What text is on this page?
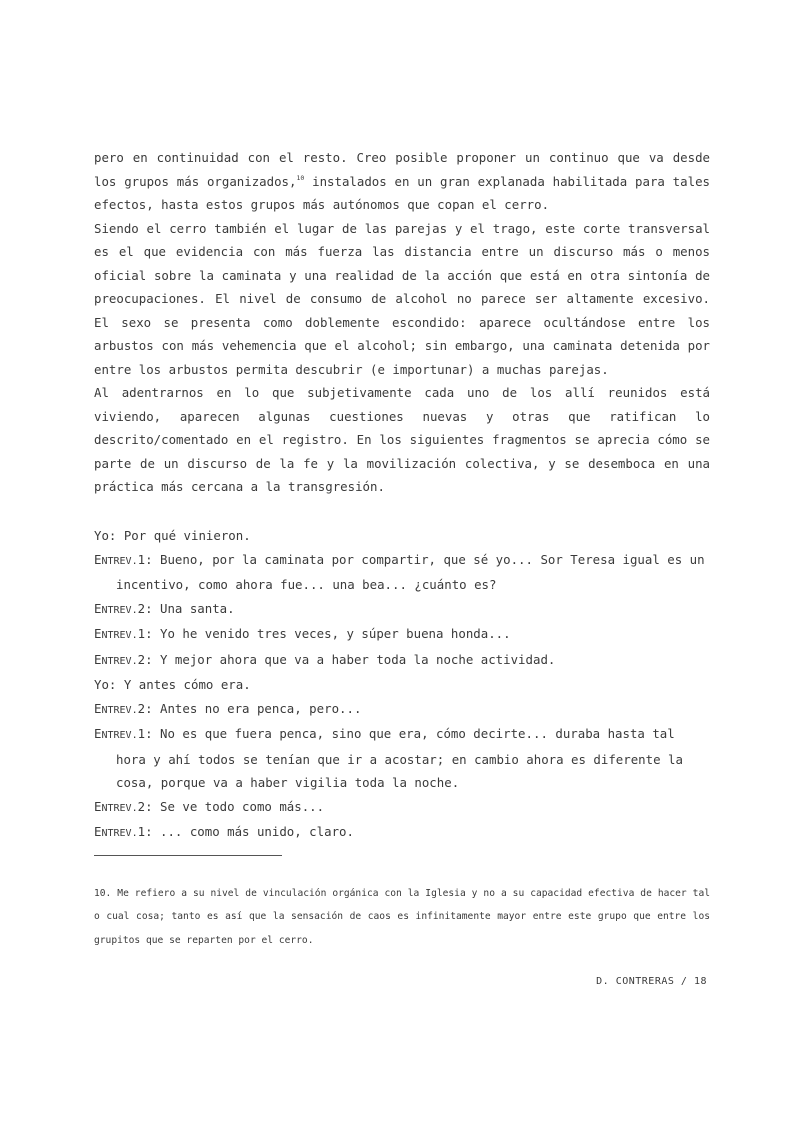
pero en continuidad con el resto. Creo posible proponer un continuo que va desde los grupos más organizados,$^{10}$ instalados en un gran explanada habilitada para tales efectos, hasta estos grupos más autónomos que copan el cerro.

Siendo el cerro también el lugar de las parejas y el trago, este corte transversal es el que evidencia con más fuerza las distancia entre un discurso más o menos oficial sobre la caminata y una realidad de la acción que está en otra sintonía de preocupaciones. El nivel de consumo de alcohol no parece ser altamente excesivo. El sexo se presenta como doblemente escondido: aparece ocultándose entre los arbustos con más vehemencia que el alcohol; sin embargo, una caminata detenida por entre los arbustos permita descubrir (e importunar) a muchas parejas.

Al adentrarnos en lo que subjetivamente cada uno de los allí reunidos está viviendo, aparecen algunas cuestiones nuevas y otras que ratifican lo descrito/comentado en el registro. En los siguientes fragmentos se aprecia cómo se parte de un discurso de la fe y la movilización colectiva, y se desemboca en una práctica más cercana a la transgresión.

Yo: Por qué vinieron.

ENTREV.1: Bueno, por la caminata por compartir, que sé yo... Sor Teresa igual es un incentivo, como ahora fue... una bea... ¿cuánto es?

ENTREV.2: Una santa.

ENTREV.1: Yo he venido tres veces, y súper buena honda...

ENTREV.2: Y mejor ahora que va a haber toda la noche actividad.

Yo: Y antes cómo era.

ENTREV.2: Antes no era penca, pero...

ENTREV.1: No es que fuera penca, sino que era, cómo decirte... duraba hasta tal hora y ahí todos se tenían que ir a acostar; en cambio ahora es diferente la cosa, porque va a haber vigilia toda la noche.

ENTREV.2: Se ve todo como más...

ENTREV.1: ... como más unido, claro.

10. Me refiero a su nivel de vinculación orgánica con la Iglesia y no a su capacidad efectiva de hacer tal o cual cosa; tanto es así que la sensación de caos es infinitamente mayor entre este grupo que entre los grupitos que se reparten por el cerro.

D. CONTRERAS / 18
